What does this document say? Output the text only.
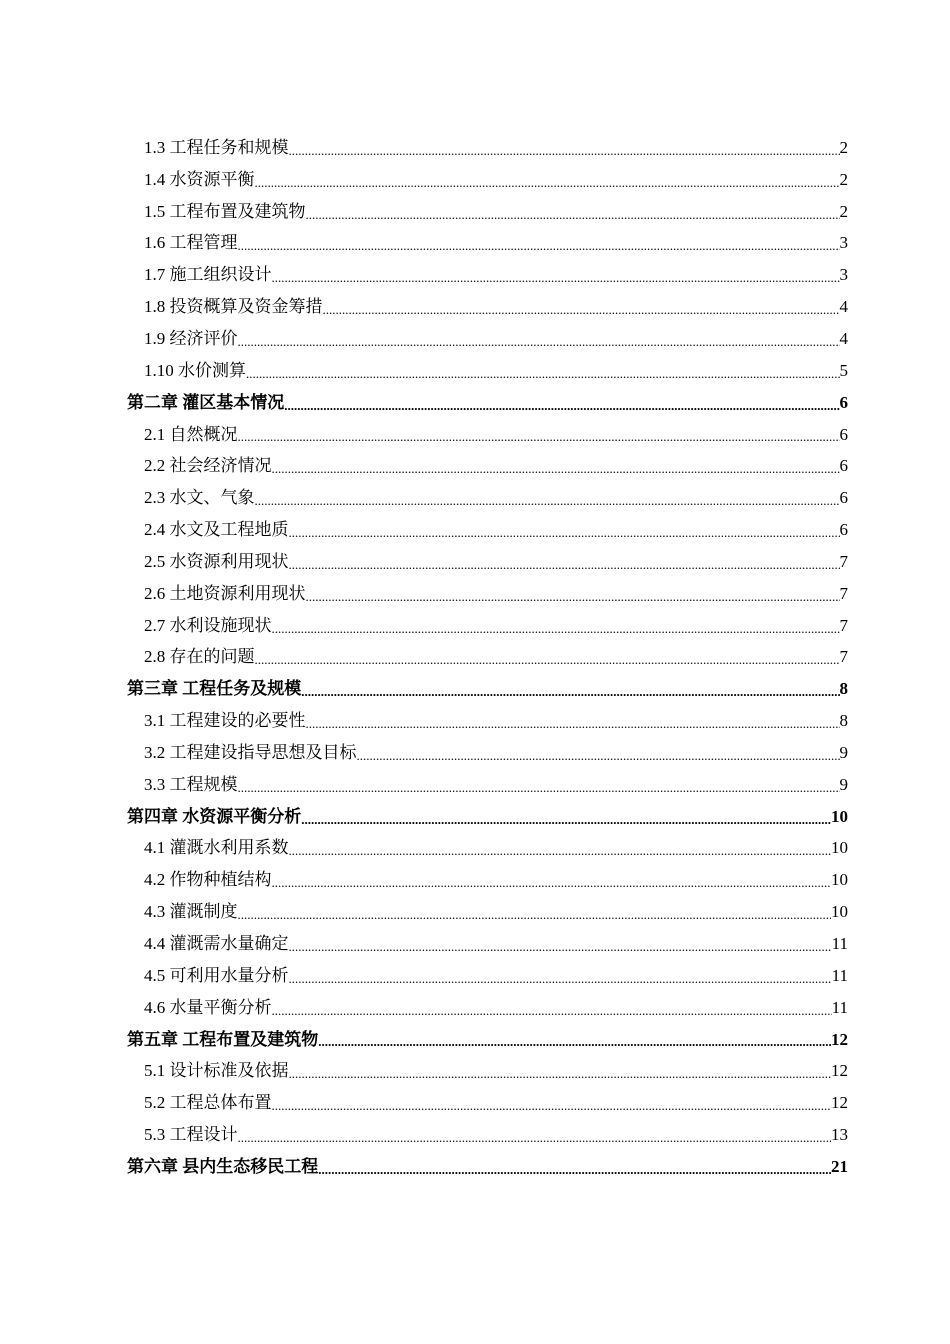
1.3 工程任务和规模 .....	2
1.4 水资源平衡 .....	2
1.5 工程布置及建筑物 .....	2
1.6 工程管理 .....	3
1.7 施工组织设计 .....	3
1.8 投资概算及资金筹措 .....	4
1.9 经济评价 .....	4
1.10 水价测算 .....	5
第二章 灌区基本情况 .....	6
2.1 自然概况 .....	6
2.2 社会经济情况 .....	6
2.3 水文、气象 .....	6
2.4 水文及工程地质 .....	6
2.5 水资源利用现状 .....	7
2.6 土地资源利用现状 .....	7
2.7 水利设施现状 .....	7
2.8 存在的问题 .....	7
第三章 工程任务及规模 .....	8
3.1 工程建设的必要性 .....	8
3.2 工程建设指导思想及目标 .....	9
3.3 工程规模 .....	9
第四章 水资源平衡分析 .....	10
4.1 灌溉水利用系数 .....	10
4.2 作物种植结构 .....	10
4.3 灌溉制度 .....	10
4.4 灌溉需水量确定 .....	11
4.5 可利用水量分析 .....	11
4.6 水量平衡分析 .....	11
第五章 工程布置及建筑物 .....	12
5.1 设计标准及依据 .....	12
5.2 工程总体布置 .....	12
5.3 工程设计 .....	13
第六章 县内生态移民工程 .....	21
